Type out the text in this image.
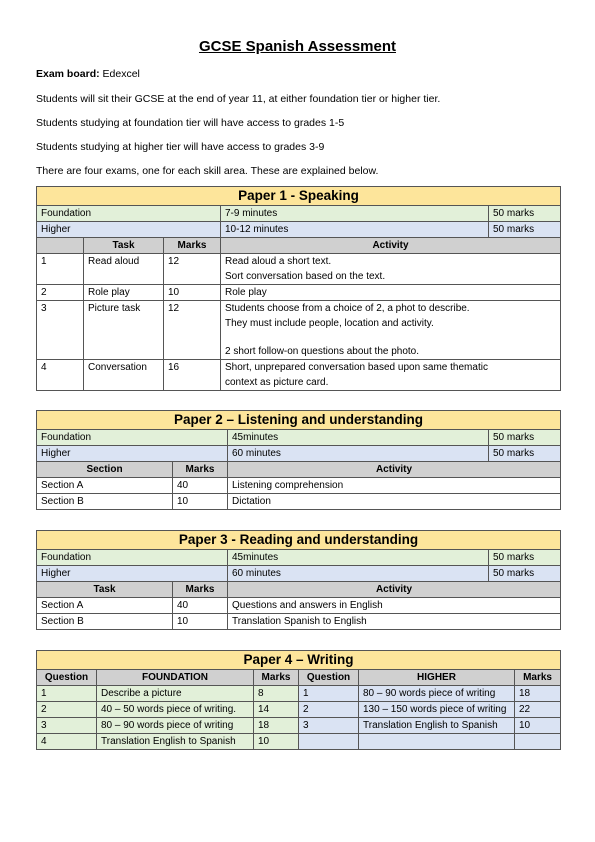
GCSE Spanish Assessment
Exam board: Edexcel
Students will sit their GCSE at the end of year 11, at either foundation tier or higher tier.
Students studying at foundation tier will have access to grades 1-5
Students studying at higher tier will have access to grades 3-9
There are four exams, one for each skill area. These are explained below.
Paper 1 - Speaking				
Foundation			7-9 minutes	50 marks
Higher			10-12 minutes	50 marks
	Task	Marks	Activity	
1	Read aloud	12	Read aloud a short text.
Sort conversation based on the text.	

2	Role play	10	Role play	

3	Picture task	12	Students choose from a choice of 2, a phot to describe.
They must include people, location and activity.
2 short follow-on questions about the photo.	

4	Conversation	16	Short, unprepared conversation based upon same thematic
context as picture card.	
Paper 2 – Listening and understanding			
Foundation		45minutes	50 marks
Higher		60 minutes	50 marks
Section	Marks	Activity	
Section A	40	Listening comprehension	
Section B	10	Dictation	
Paper 3 - Reading and understanding			
Foundation		45minutes	50 marks
Higher		60 minutes	50 marks
Task	Marks	Activity	
Section A	40	Questions and answers in English	
Section B	10	Translation Spanish to English	
Paper 4 – Writing					
Question	FOUNDATION	Marks	Question	HIGHER	Marks
1	Describe a picture	8	1	80 – 90 words piece of writing	18
2	40 – 50 words piece of writing.	14	2	130 – 150 words piece of writing	22
3	80 – 90 words piece of writing	18	3	Translation English to Spanish	10
4	Translation English to Spanish	10			
